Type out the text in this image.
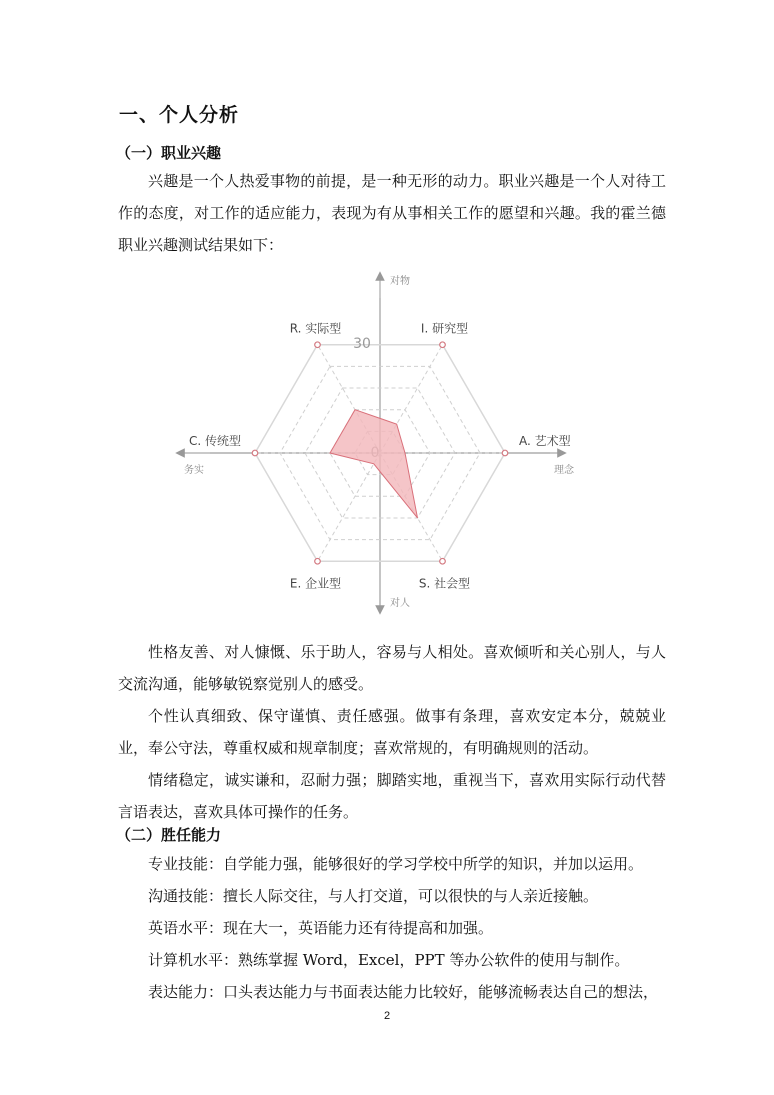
一、个人分析
（一）职业兴趣

兴趣是一个人热爱事物的前提，是一种无形的动力。职业兴趣是一个人对待工作的态度，对工作的适应能力，表现为有从事相关工作的愿望和兴趣。我的霍兰德职业兴趣测试结果如下：

30
R. 实际型	I. 研究型
A. 艺术型
S. 社会型
E. 企业型
C. 传统型
对物
对人
务实	理念

性格友善、对人慷慨、乐于助人，容易与人相处。喜欢倾听和关心别人，与人交流沟通，能够敏锐察觉别人的感受。

个性认真细致、保守谨慎、责任感强。做事有条理，喜欢安定本分，兢兢业业，奉公守法，尊重权威和规章制度；喜欢常规的，有明确规则的活动。

情绪稳定，诚实谦和，忍耐力强；脚踏实地，重视当下，喜欢用实际行动代替言语表达，喜欢具体可操作的任务。

（二）胜任能力
专业技能：自学能力强，能够很好的学习学校中所学的知识，并加以运用。
沟通技能：擅长人际交往，与人打交道，可以很快的与人亲近接触。
英语水平：现在大一，英语能力还有待提高和加强。
计算机水平：熟练掌握 Word，Excel，PPT 等办公软件的使用与制作。
表达能力：口头表达能力与书面表达能力比较好，能够流畅表达自己的想法，
2
